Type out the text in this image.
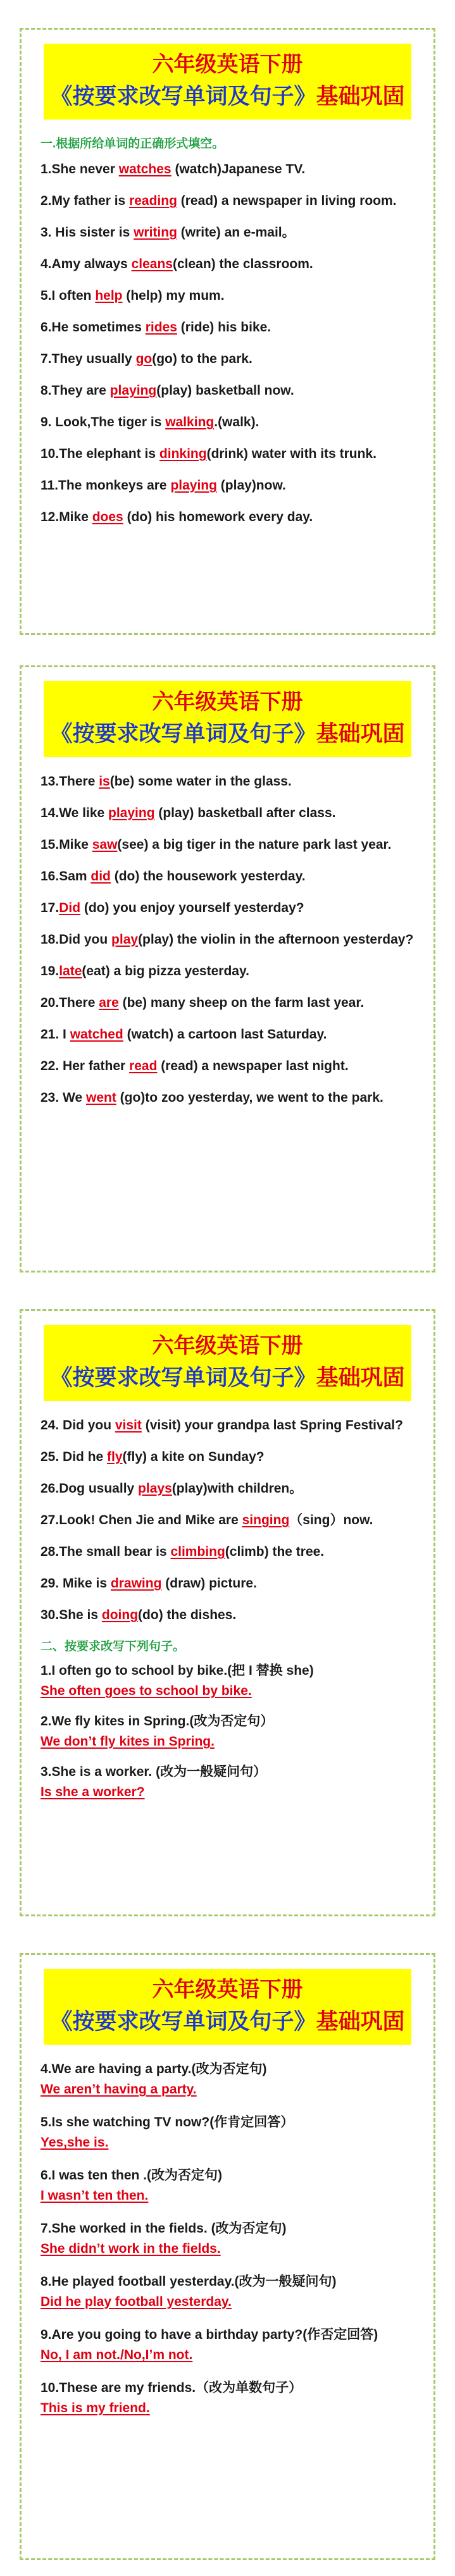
六年级英语下册
《按要求改写单词及句子》基础巩固
一.根据所给单词的正确形式填空。
1.She never watches (watch)Japanese TV.
2.My father is reading (read) a newspaper in living room.
3. His sister is writing (write) an e-mail。
4.Amy always cleans(clean) the classroom.
5.I often help (help) my mum.
6.He sometimes rides (ride) his bike.
7.They usually go(go) to the park.
8.They are playing(play) basketball now.
9. Look,The tiger is walking.(walk).
10.The elephant is dinking(drink) water with its trunk.
11.The monkeys are playing (play)now.
12.Mike does (do) his homework every day.
六年级英语下册
《按要求改写单词及句子》基础巩固
13.There is(be) some water in the glass.
14.We like playing (play) basketball after class.
15.Mike saw(see) a big tiger in the nature park last year.
16.Sam did (do) the housework yesterday.
17.Did (do) you enjoy yourself yesterday?
18.Did you play(play) the violin in the afternoon yesterday?
19.late(eat) a big pizza yesterday.
20.There are (be) many sheep on the farm last year.
21. I watched (watch) a cartoon last Saturday.
22. Her father read (read) a newspaper last night.
23. We went (go)to zoo yesterday, we went to the park.
六年级英语下册
《按要求改写单词及句子》基础巩固
24. Did you visit (visit) your grandpa last Spring Festival?
25. Did he fly(fly) a kite on Sunday?
26.Dog usually plays(play)with children。
27.Look! Chen Jie and Mike are singing（sing）now.
28.The small bear is climbing(climb) the tree.
29. Mike is drawing (draw) picture.
30.She is doing(do) the dishes.
二、按要求改写下列句子。
1.I often go to school by bike.(把 I 替换 she)
She often goes to school by bike.
2.We fly kites in Spring.(改为否定句）
We don’t fly kites in Spring.
3.She is a worker. (改为一般疑问句）
Is she a worker?
六年级英语下册
《按要求改写单词及句子》基础巩固
4.We are having a party.(改为否定句)
We aren’t having a party.
5.Is she watching TV now?(作肯定回答）
Yes,she is.
6.I was ten then .(改为否定句)
I wasn’t ten then.
7.She worked in the fields. (改为否定句)
She didn’t work in the fields.
8.He played football yesterday.(改为一般疑问句)
Did he play football yesterday.
9.Are you going to have a birthday party?(作否定回答)
No, I am not./No,I’m not.
10.These are my friends.（改为单数句子）
This is my friend.
